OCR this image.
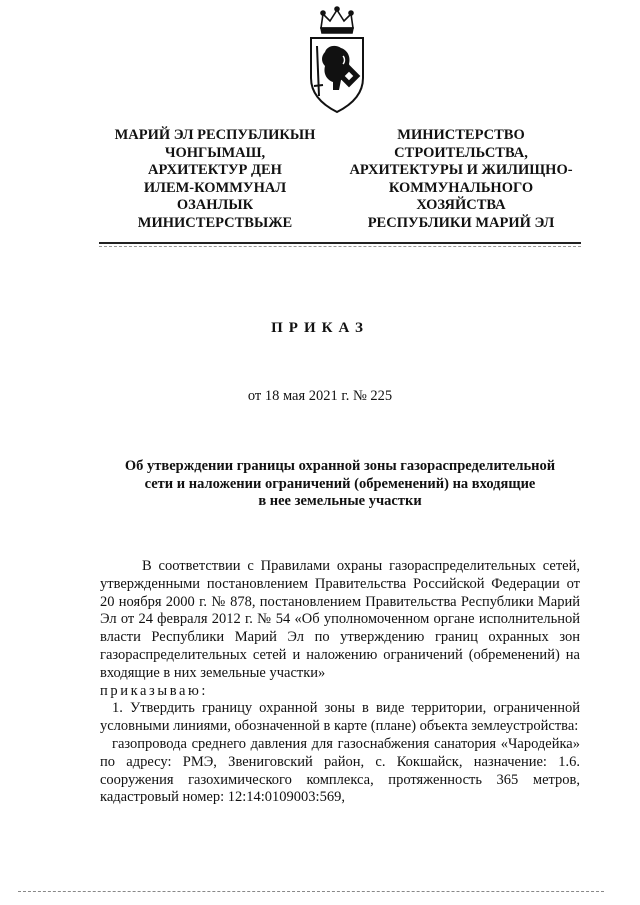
МАРИЙ ЭЛ РЕСПУБЛИКЫН
ЧОНГЫМАШ,
АРХИТЕКТУР ДЕН
ИЛЕМ-КОММУНАЛ
ОЗАНЛЫК
МИНИСТЕРСТВЫЖЕ
МИНИСТЕРСТВО
СТРОИТЕЛЬСТВА,
АРХИТЕКТУРЫ И ЖИЛИЩНО-
КОММУНАЛЬНОГО
ХОЗЯЙСТВА
РЕСПУБЛИКИ МАРИЙ ЭЛ
ПРИКАЗ
от 18 мая 2021 г. № 225
Об утверждении границы охранной зоны газораспределительной
сети и наложении ограничений (обременений) на входящие
в нее земельные участки

В соответствии с Правилами охраны газораспределительных сетей, утвержденными постановлением Правительства Российской Федерации от 20 ноября 2000 г. № 878, постановлением Правительства Республики Марий Эл от 24 февраля 2012 г. № 54 «Об уполномоченном органе исполнительной власти Республики Марий Эл по утверждению границ охранных зон газораспределительных сетей и наложению ограничений (обременений) на входящие в них земельные участки»

приказываю:

1. Утвердить границу охранной зоны в виде территории, ограниченной условными линиями, обозначенной в карте (плане) объекта землеустройства:

газопровода среднего давления для газоснабжения санатория «Чародейка» по адресу: РМЭ, Звениговский район, с. Кокшайск, назначение: 1.6. сооружения газохимического комплекса, протяженность 365 метров, кадастровый номер: 12:14:0109003:569,
